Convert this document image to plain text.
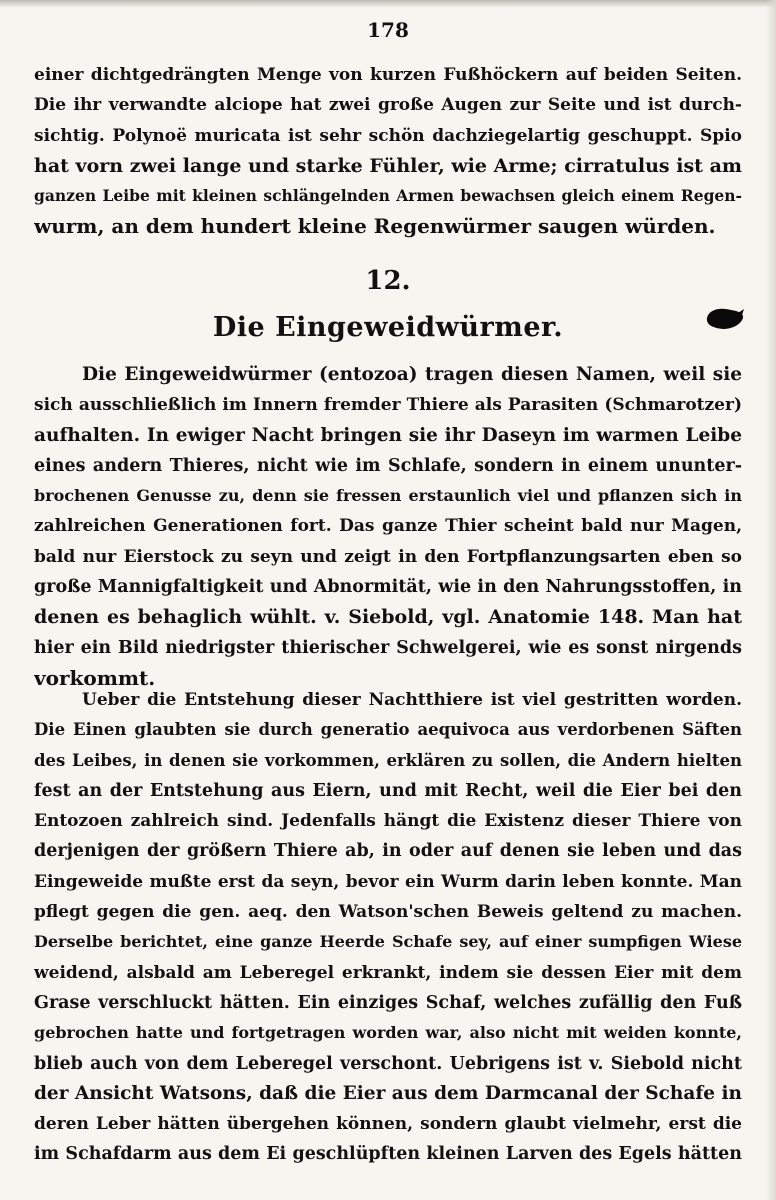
178
einer dichtgedrängten Menge von kurzen Fußhöckern auf beiden Seiten.
Die ihr verwandte alciope hat zwei große Augen zur Seite und ist durch-
sichtig. Polynoë muricata ist sehr schön dachziegelartig geschuppt. Spio
hat vorn zwei lange und starke Fühler, wie Arme; cirratulus ist am
ganzen Leibe mit kleinen schlängelnden Armen bewachsen gleich einem Regen-
wurm, an dem hundert kleine Regenwürmer saugen würden.
12.
Die Eingeweidwürmer.
Die Eingeweidwürmer (entozoa) tragen diesen Namen, weil sie
sich ausschließlich im Innern fremder Thiere als Parasiten (Schmarotzer)
aufhalten. In ewiger Nacht bringen sie ihr Daseyn im warmen Leibe
eines andern Thieres, nicht wie im Schlafe, sondern in einem ununter-
brochenen Genusse zu, denn sie fressen erstaunlich viel und pflanzen sich in
zahlreichen Generationen fort. Das ganze Thier scheint bald nur Magen,
bald nur Eierstock zu seyn und zeigt in den Fortpflanzungsarten eben so
große Mannigfaltigkeit und Abnormität, wie in den Nahrungsstoffen, in
denen es behaglich wühlt. v. Siebold, vgl. Anatomie 148. Man hat
hier ein Bild niedrigster thierischer Schwelgerei, wie es sonst nirgends
vorkommt.
Ueber die Entstehung dieser Nachtthiere ist viel gestritten worden.
Die Einen glaubten sie durch generatio aequivoca aus verdorbenen Säften
des Leibes, in denen sie vorkommen, erklären zu sollen, die Andern hielten
fest an der Entstehung aus Eiern, und mit Recht, weil die Eier bei den
Entozoen zahlreich sind. Jedenfalls hängt die Existenz dieser Thiere von
derjenigen der größern Thiere ab, in oder auf denen sie leben und das
Eingeweide mußte erst da seyn, bevor ein Wurm darin leben konnte. Man
pflegt gegen die gen. aeq. den Watson'schen Beweis geltend zu machen.
Derselbe berichtet, eine ganze Heerde Schafe sey, auf einer sumpfigen Wiese
weidend, alsbald am Leberegel erkrankt, indem sie dessen Eier mit dem
Grase verschluckt hätten. Ein einziges Schaf, welches zufällig den Fuß
gebrochen hatte und fortgetragen worden war, also nicht mit weiden konnte,
blieb auch von dem Leberegel verschont. Uebrigens ist v. Siebold nicht
der Ansicht Watsons, daß die Eier aus dem Darmcanal der Schafe in
deren Leber hätten übergehen können, sondern glaubt vielmehr, erst die
im Schafdarm aus dem Ei geschlüpften kleinen Larven des Egels hätten
